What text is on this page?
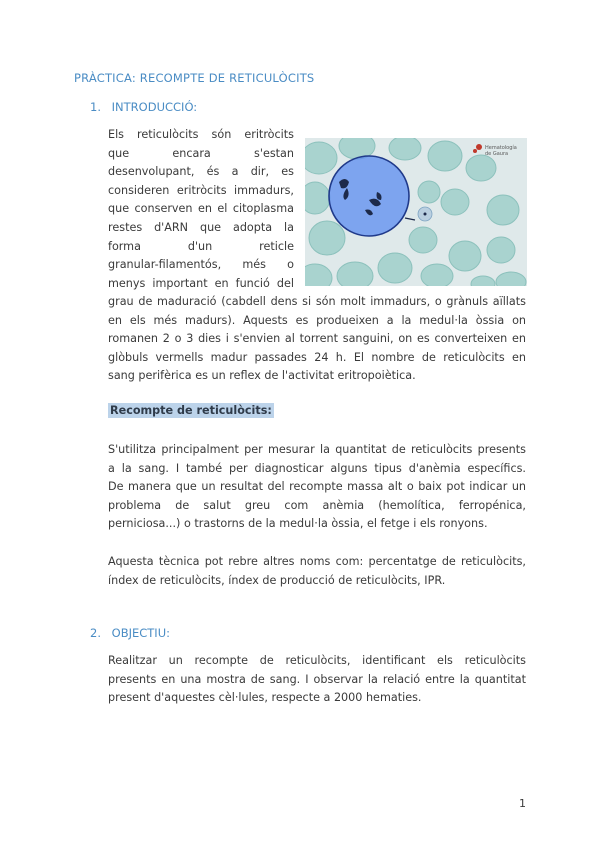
PRÀCTICA: RECOMPTE DE RETICULÒCITS
1. INTRODUCCIÓ:
Els reticulòcits són eritròcits
que encara s'estan
desenvolupant, és a dir, es
consideren eritròcits immadurs,
que conserven en el citoplasma
restes d'ARN que adopta la
forma d'un reticle
granular-filamentós, més o
menys important en funció del
grau de maduració (cabdell dens si són molt immadurs, o grànuls aïllats
en els més madurs). Aquests es produeixen a la medul·la òssia on
romanen 2 o 3 dies i s'envien al torrent sanguini, on es converteixen en
glòbuls vermells madur passades 24 h. El nombre de reticulòcits en
sang perifèrica es un reflex de l'activitat eritropoiètica.
Hematología
de Gaura
Recompte de reticulòcits:
S'utilitza principalment per mesurar la quantitat de reticulòcits presents
a la sang. I també per diagnosticar alguns tipus d'anèmia específics.
De manera que un resultat del recompte massa alt o baix pot indicar un
problema de salut greu com anèmia (hemolítica, ferropénica,
perniciosa...) o trastorns de la medul·la òssia, el fetge i els ronyons.
Aquesta tècnica pot rebre altres noms com: percentatge de reticulòcits,
índex de reticulòcits, índex de producció de reticulòcits, IPR.
2. OBJECTIU:
Realitzar un recompte de reticulòcits, identificant els reticulòcits
presents en una mostra de sang. I observar la relació entre la quantitat
present d'aquestes cèl·lules, respecte a 2000 hematies.
1
